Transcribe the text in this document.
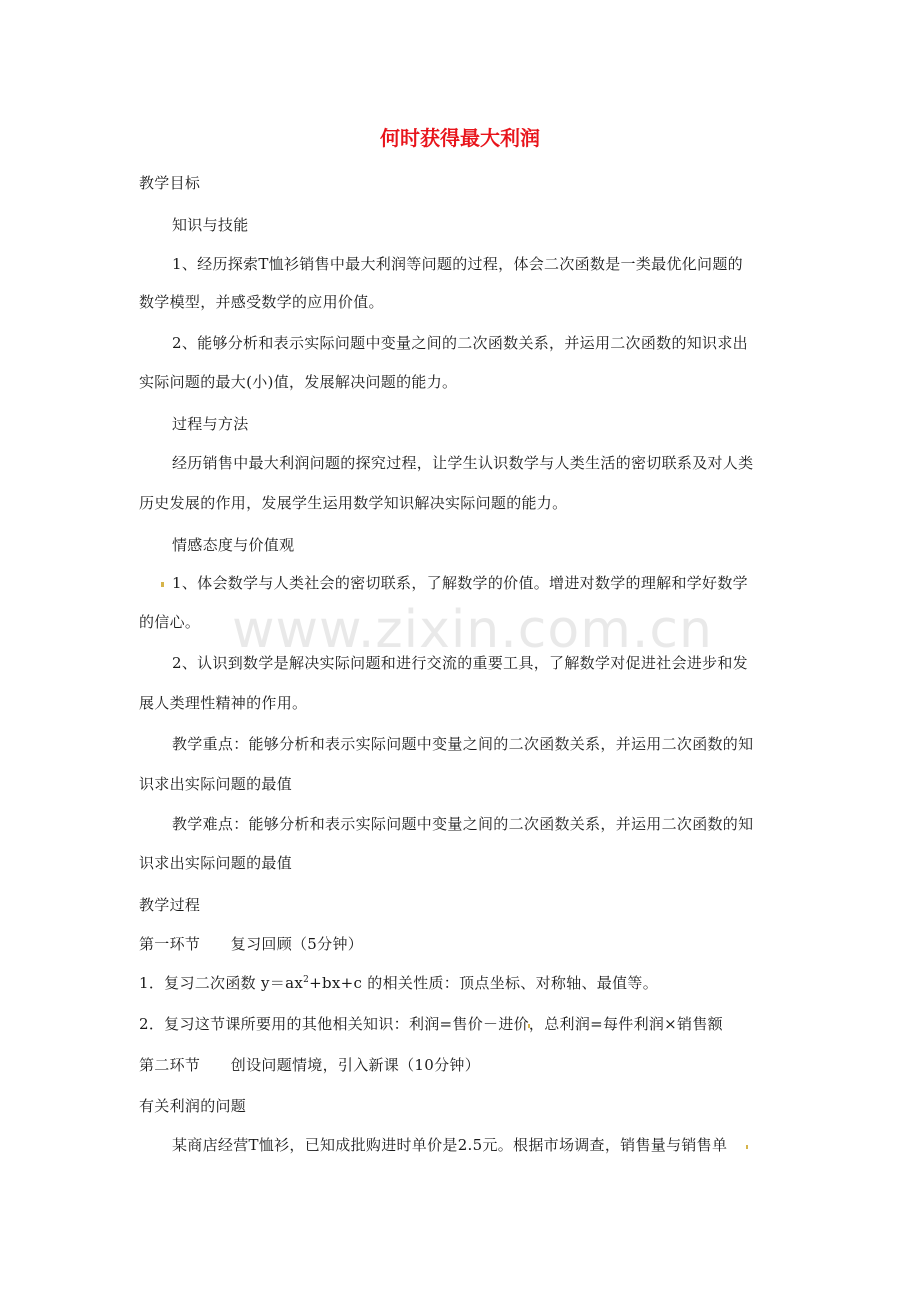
www.zixin.com.cn
何时获得最大利润
教学目标
知识与技能
1、经历探索T恤衫销售中最大利润等问题的过程，体会二次函数是一类最优化问题的
数学模型，并感受数学的应用价值。
2、能够分析和表示实际问题中变量之间的二次函数关系，并运用二次函数的知识求出
实际问题的最大(小)值，发展解决问题的能力。
过程与方法
经历销售中最大利润问题的探究过程，让学生认识数学与人类生活的密切联系及对人类
历史发展的作用，发展学生运用数学知识解决实际问题的能力。
情感态度与价值观
1、体会数学与人类社会的密切联系，了解数学的价值。增进对数学的理解和学好数学
的信心。
2、认识到数学是解决实际问题和进行交流的重要工具，了解数学对促进社会进步和发
展人类理性精神的作用。
教学重点：能够分析和表示实际问题中变量之间的二次函数关系，并运用二次函数的知
识求出实际问题的最值
教学难点：能够分析和表示实际问题中变量之间的二次函数关系，并运用二次函数的知
识求出实际问题的最值
教学过程
第一环节　　复习回顾（5分钟）
1．复习二次函数 $y=ax^2+bx+c$ 的相关性质：顶点坐标、对称轴、最值等。
2．复习这节课所要用的其他相关知识：利润=售价－进价，总利润=每件利润×销售额
第二环节　　创设问题情境，引入新课（10分钟）
有关利润的问题
某商店经营T恤衫，已知成批购进时单价是2.5元。根据市场调查，销售量与销售单
